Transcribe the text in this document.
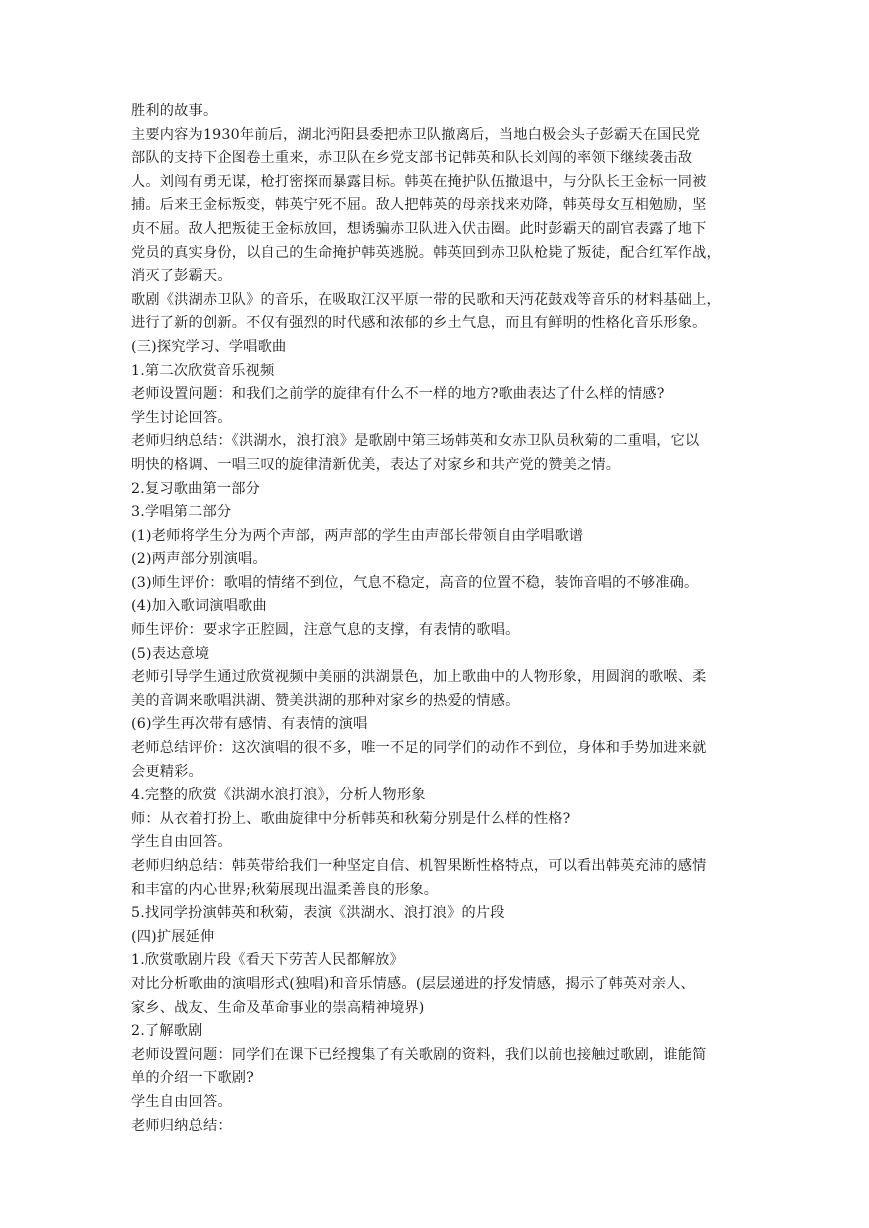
胜利的故事。
主要内容为1930年前后，湖北沔阳县委把赤卫队撤离后，当地白极会头子彭霸天在国民党
部队的支持下企图卷土重来，赤卫队在乡党支部书记韩英和队长刘闯的率领下继续袭击敌
人。刘闯有勇无谋，枪打密探而暴露目标。韩英在掩护队伍撤退中，与分队长王金标一同被
捕。后来王金标叛变，韩英宁死不屈。敌人把韩英的母亲找来劝降，韩英母女互相勉励，坚
贞不屈。敌人把叛徒王金标放回，想诱骗赤卫队进入伏击圈。此时彭霸天的副官表露了地下
党员的真实身份，以自己的生命掩护韩英逃脱。韩英回到赤卫队枪毙了叛徒，配合红军作战，
消灭了彭霸天。
歌剧《洪湖赤卫队》的音乐，在吸取江汉平原一带的民歌和天沔花鼓戏等音乐的材料基础上，
进行了新的创新。不仅有强烈的时代感和浓郁的乡土气息，而且有鲜明的性格化音乐形象。
(三)探究学习、学唱歌曲
1.第二次欣赏音乐视频
老师设置问题：和我们之前学的旋律有什么不一样的地方?歌曲表达了什么样的情感?
学生讨论回答。
老师归纳总结：《洪湖水，浪打浪》是歌剧中第三场韩英和女赤卫队员秋菊的二重唱，它以
明快的格调、一唱三叹的旋律清新优美，表达了对家乡和共产党的赞美之情。
2.复习歌曲第一部分
3.学唱第二部分
(1)老师将学生分为两个声部，两声部的学生由声部长带领自由学唱歌谱
(2)两声部分别演唱。
(3)师生评价：歌唱的情绪不到位，气息不稳定，高音的位置不稳，装饰音唱的不够准确。
(4)加入歌词演唱歌曲
师生评价：要求字正腔圆，注意气息的支撑，有表情的歌唱。
(5)表达意境
老师引导学生通过欣赏视频中美丽的洪湖景色，加上歌曲中的人物形象，用圆润的歌喉、柔
美的音调来歌唱洪湖、赞美洪湖的那种对家乡的热爱的情感。
(6)学生再次带有感情、有表情的演唱
老师总结评价：这次演唱的很不多，唯一不足的同学们的动作不到位，身体和手势加进来就
会更精彩。
4.完整的欣赏《洪湖水浪打浪》，分析人物形象
师：从衣着打扮上、歌曲旋律中分析韩英和秋菊分别是什么样的性格?
学生自由回答。
老师归纳总结：韩英带给我们一种坚定自信、机智果断性格特点，可以看出韩英充沛的感情
和丰富的内心世界;秋菊展现出温柔善良的形象。
5.找同学扮演韩英和秋菊，表演《洪湖水、浪打浪》的片段
(四)扩展延伸
1.欣赏歌剧片段《看天下劳苦人民都解放》
对比分析歌曲的演唱形式(独唱)和音乐情感。(层层递进的抒发情感，揭示了韩英对亲人、
家乡、战友、生命及革命事业的崇高精神境界)
2.了解歌剧
老师设置问题：同学们在课下已经搜集了有关歌剧的资料，我们以前也接触过歌剧，谁能简
单的介绍一下歌剧?
学生自由回答。
老师归纳总结：
